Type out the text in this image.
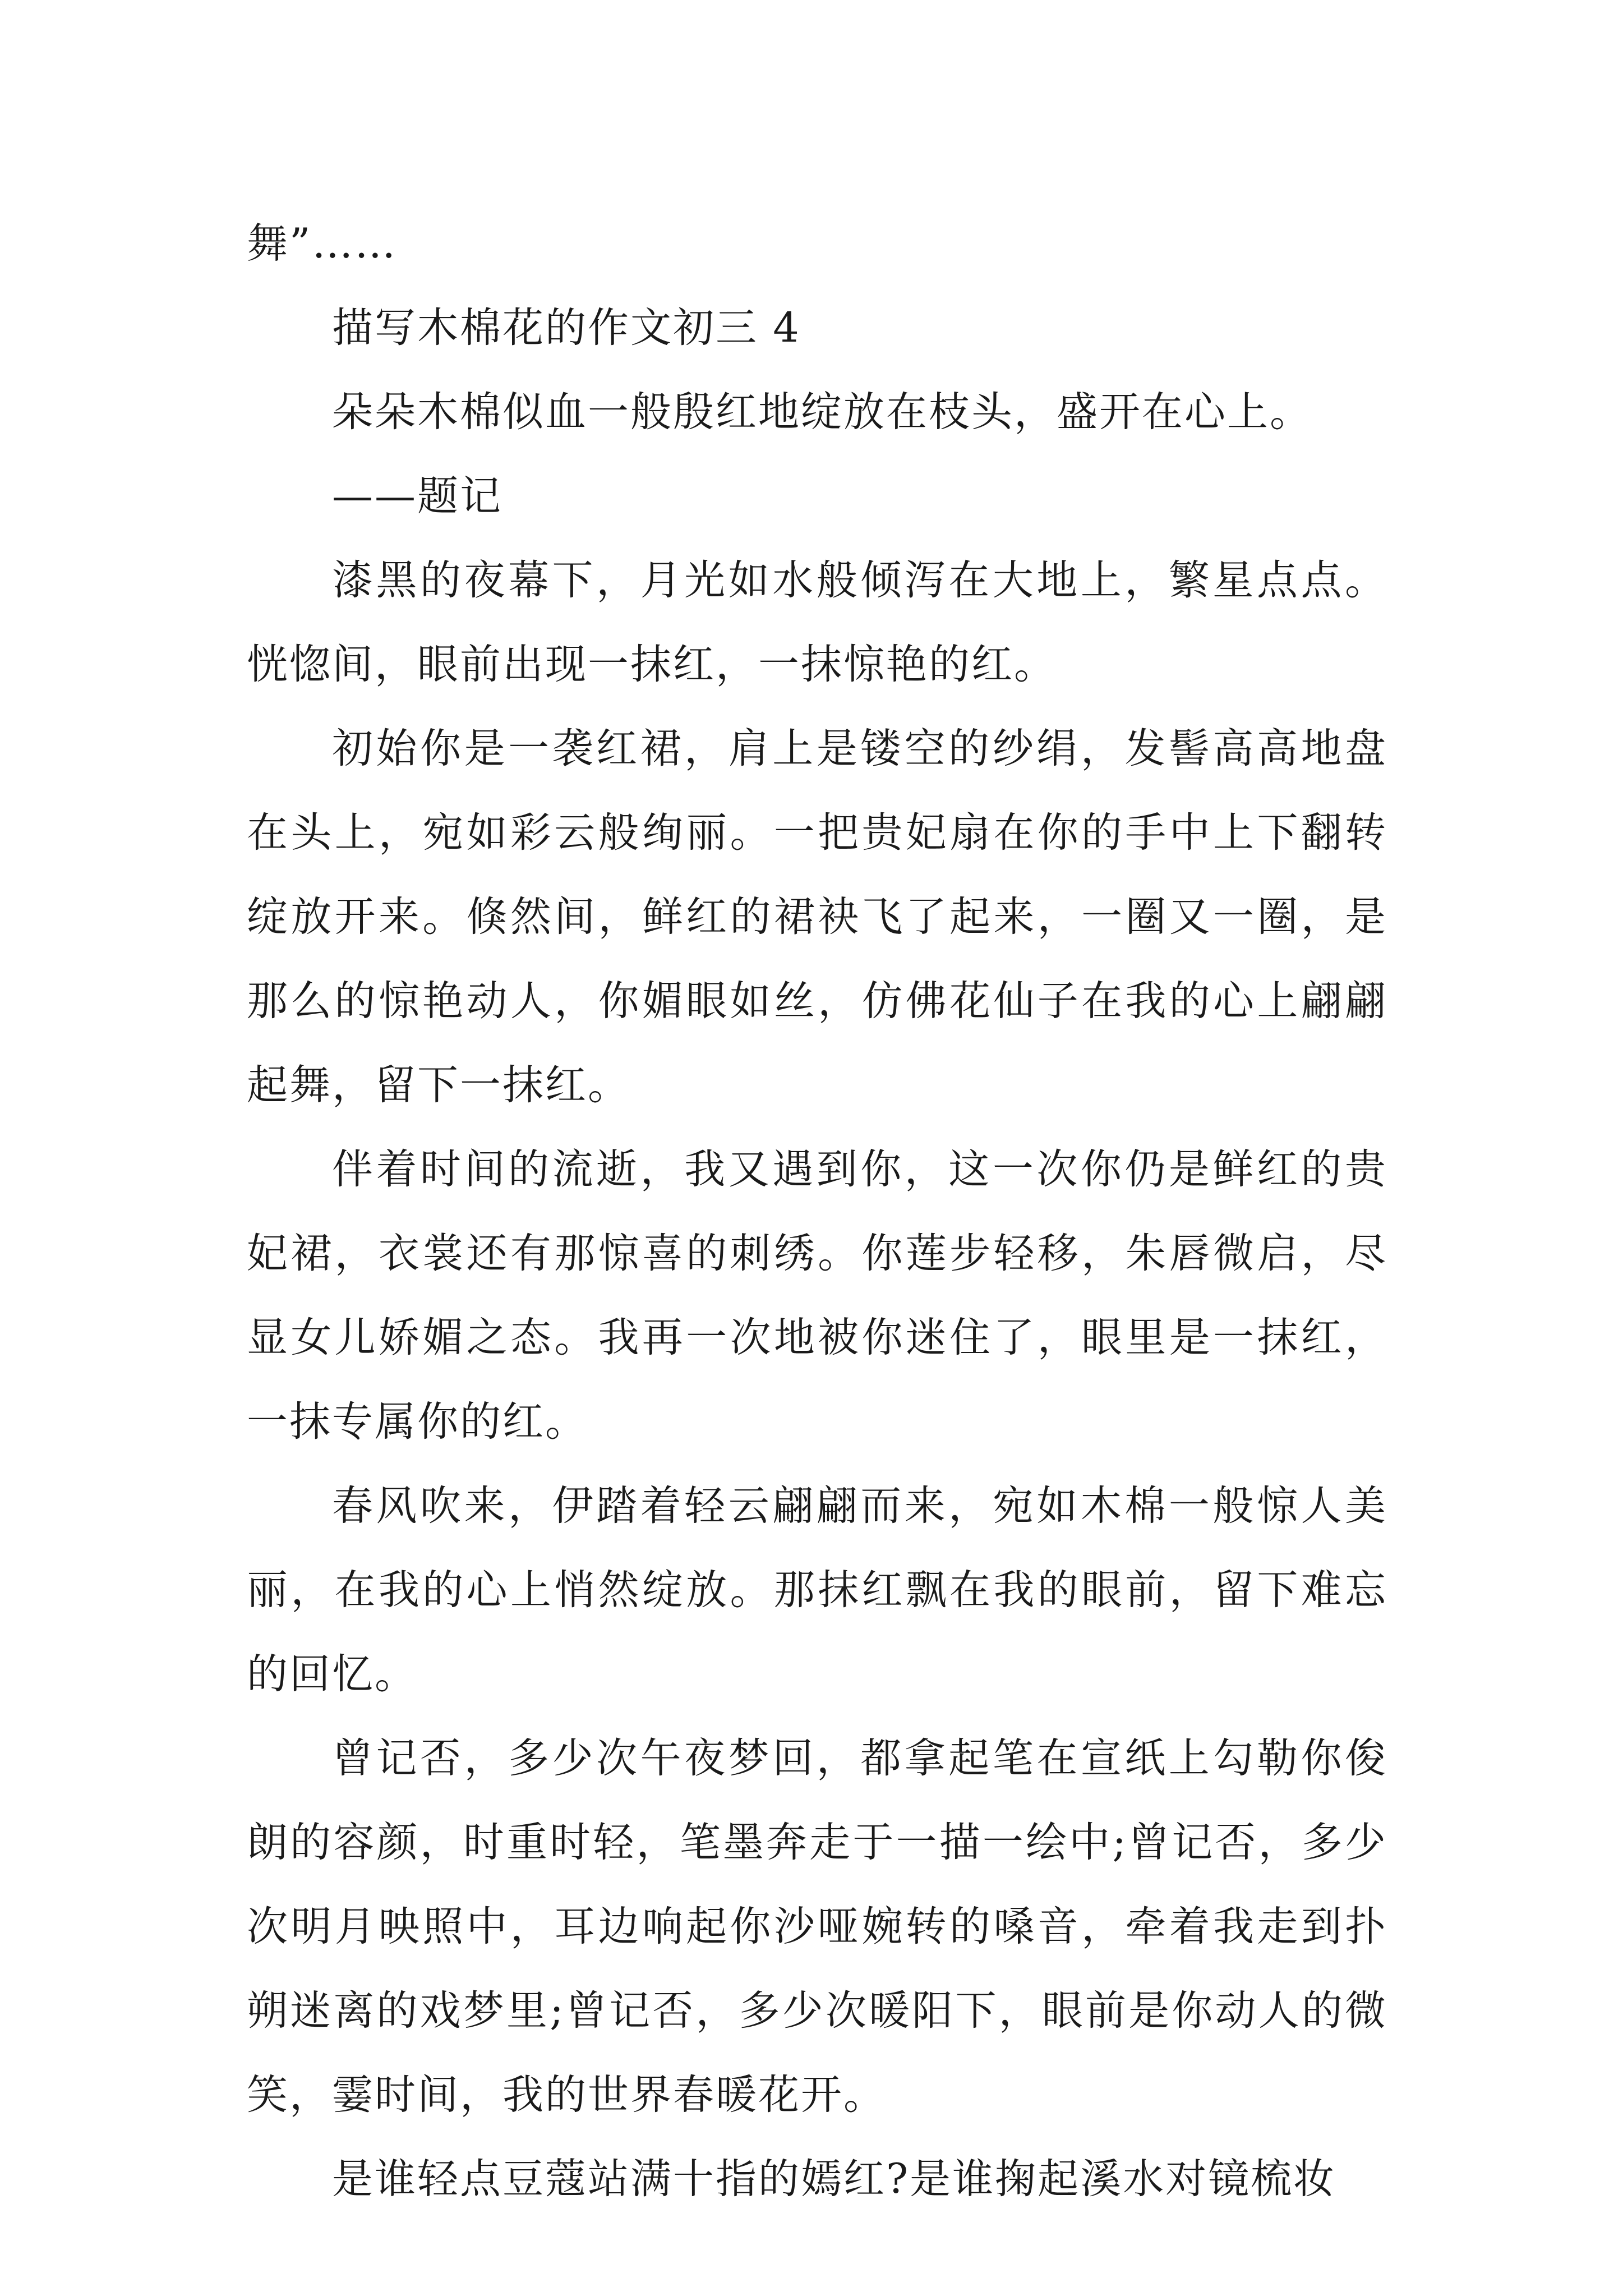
舞”……

描写木棉花的作文初三 4

朵朵木棉似血一般殷红地绽放在枝头，盛开在心上。

——题记

漆黑的夜幕下，月光如水般倾泻在大地上，繁星点点。恍惚间，眼前出现一抹红，一抹惊艳的红。

初始你是一袭红裙，肩上是镂空的纱绢，发髻高高地盘在头上，宛如彩云般绚丽。一把贵妃扇在你的手中上下翻转绽放开来。倏然间，鲜红的裙袂飞了起来，一圈又一圈，是那么的惊艳动人，你媚眼如丝，仿佛花仙子在我的心上翩翩起舞，留下一抹红。

伴着时间的流逝，我又遇到你，这一次你仍是鲜红的贵妃裙，衣裳还有那惊喜的刺绣。你莲步轻移，朱唇微启，尽显女儿娇媚之态。我再一次地被你迷住了，眼里是一抹红，一抹专属你的红。

春风吹来，伊踏着轻云翩翩而来，宛如木棉一般惊人美丽，在我的心上悄然绽放。那抹红飘在我的眼前，留下难忘的回忆。

曾记否，多少次午夜梦回，都拿起笔在宣纸上勾勒你俊朗的容颜，时重时轻，笔墨奔走于一描一绘中;曾记否，多少次明月映照中，耳边响起你沙哑婉转的嗓音，牵着我走到扑朔迷离的戏梦里;曾记否，多少次暖阳下，眼前是你动人的微笑，霎时间，我的世界春暖花开。

是谁轻点豆蔻站满十指的嫣红?是谁掬起溪水对镜梳妆
